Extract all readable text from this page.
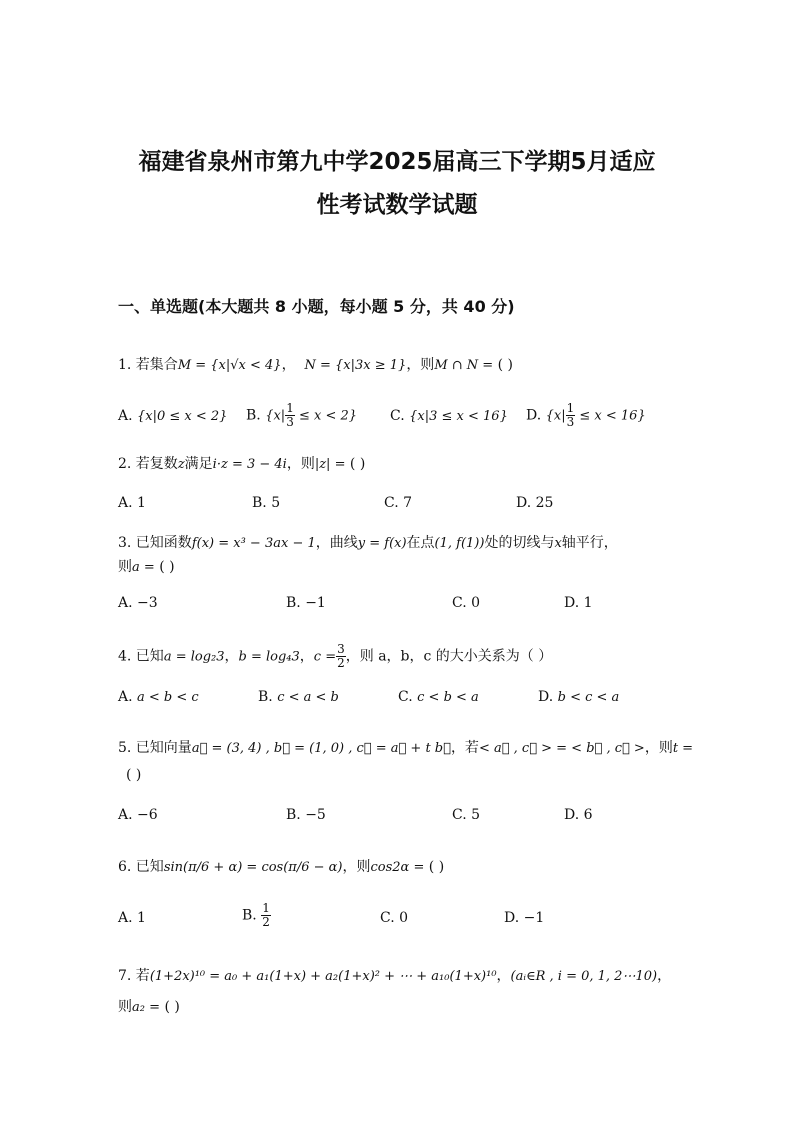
福建省泉州市第九中学2025届高三下学期5月适应
性考试数学试题
一、单选题(本大题共 8 小题，每小题 5 分，共 40 分)
1. 若集合M = {x|√x < 4}， N = {x|3x ≥ 1}，则M ∩ N = ( )
A. {x|0 ≤ x < 2} B. $\{x| \frac{1}{3} \le x < 2\}$ C. {x|3 ≤ x < 16} D. $\{x| \frac{1}{3} \le x < 16\}$
2. 若复数z满足i·z = 3 − 4i，则|z| = ( )
A. 1	B. 5	C. 7	D. 25
3. 已知函数f(x) = x³ − 3ax − 1，曲线y = f(x)在点(1, f(1))处的切线与x轴平行，
则a = ( )
A. −3	B. −1	C. 0	D. 1
4. 已知a = log₂3，b = log₄3，$c = \frac{3}{2}$ ，则 a，b，c 的大小关系为（ ）
A. a < b < c	B. c < a < b	C. c < b < a	D. b < c < a
5. 已知向量a⃗ = (3, 4) , b⃗ = (1, 0) , c⃗ = a⃗ + t b⃗，若< a⃗ , c⃗ > = < b⃗ , c⃗ >，则t =
( )
A. −6	B. −5	C. 5	D. 6
6. 已知sin(π/6 + α) = cos(π/6 − α)，则cos2α = ( )
A. 1	B. $\frac{1}{2}$	C. 0	D. −1
7. 若(1+2x)¹⁰ = a₀ + a₁(1+x) + a₂(1+x)² + ⋯ + a₁₀(1+x)¹⁰，(aᵢ∈R , i = 0, 1, 2⋯10)，
则a₂ = ( )
